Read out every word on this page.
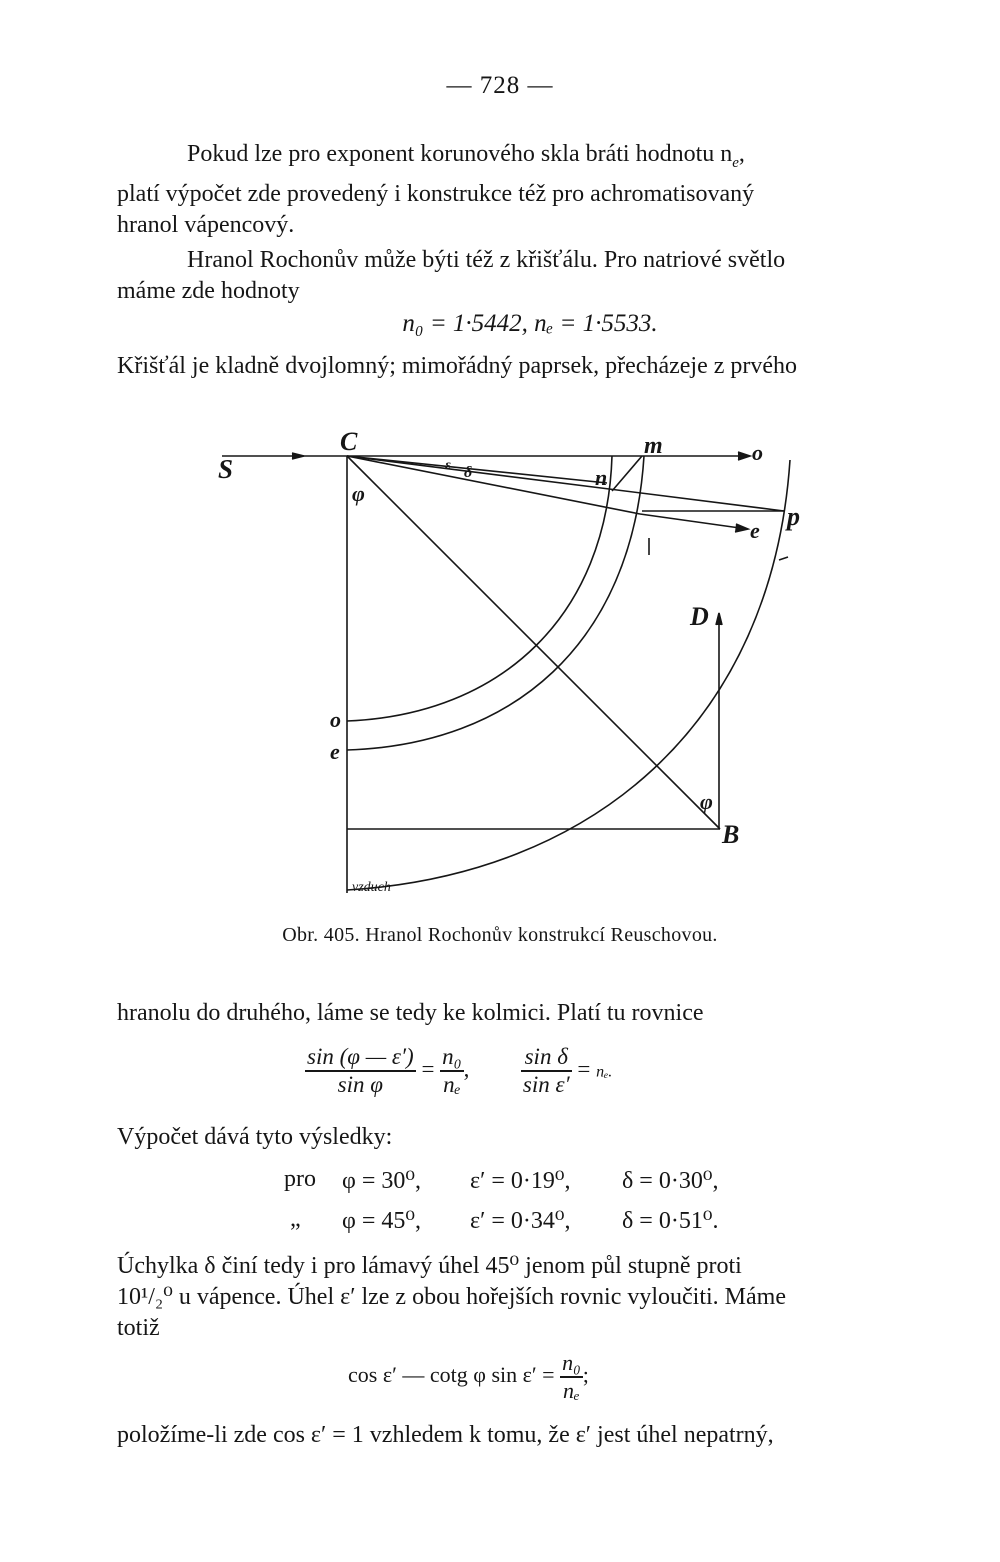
— 728 —
Pokud lze pro exponent korunového skla bráti hodnotu $n_e$,
platí výpočet zde provedený i konstrukce též pro achromatisovaný
hranol vápencový.
Hranol Rochonův může býti též z křišťálu. Pro natriové světlo
máme zde hodnoty
n₀ = 1·5442, nₑ = 1·5533.
Křišťál je kladně dvojlomný; mimořádný paprsek, přecházeje z prvého
S
C	m	o
φ
ε δ	n
p
e
D
o
e
φ
B
vzduch
Obr. 405. Hranol Rochonův konstrukcí Reuschovou.
hranolu do druhého, láme se tedy ke kolmici. Platí tu rovnice
$\frac{\sin (\varphi — \varepsilon')}{\text{sin φ}} = \frac{\text{n₀}}{\text{nₑ}}$ , $\frac{\text{sin δ}}{\text{sin ε′}} = n_e$.
Výpočet dává tyto výsledky:
pro φ = 30⁰, ε′ = 0·19⁰, δ = 0·30⁰,
„ φ = 45⁰, ε′ = 0·34⁰, δ = 0·51⁰.
Úchylka δ činí tedy i pro lámavý úhel 45⁰ jenom půl stupně proti
10¹/₂⁰ u vápence. Úhel ε′ lze z obou hořejších rovnic vyloučiti. Máme
totiž
cos ε′ — cotg φ $\sin \varepsilon' = \frac{\text{n₀}}{\text{nₑ}}$ ;
položíme-li zde cos ε′ = 1 vzhledem k tomu, že ε′ jest úhel nepatrný,
